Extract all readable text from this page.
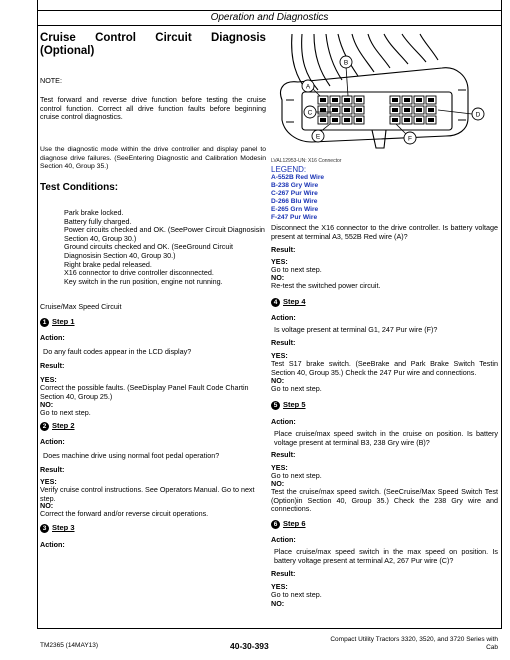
Operation and Diagnostics
Cruise Control Circuit Diagnosis
(Optional)
NOTE:
Test forward and reverse drive function before testing the cruise control function. Correct all drive function faults before beginning cruise control diagnostics.
Use the diagnostic mode within the drive controller and display panel to diagnose drive failures. (SeeEntering Diagnostic and Calibration Modesin Section 40, Group 35.)
Test Conditions:
Park brake locked.
Battery fully charged.
Power circuits checked and OK. (SeePower Circuit Diagnosisin Section 40, Group 30.)
Ground circuits checked and OK. (SeeGround Circuit Diagnosisin Section 40, Group 30.)
Right brake pedal released.
X16 connector to drive controller disconnected.
Key switch in the run position, engine not running.
Cruise/Max Speed Circuit
1 Step 1
Action:
Do any fault codes appear in the LCD display?
Result:
YES:
Correct the possible faults. (SeeDisplay Panel Fault Code Chartin Section 40, Group 25.)
NO:
Go to next step.
2 Step 2
Action:
Does machine drive using normal foot pedal operation?
Result:
YES:
Verify cruise control instructions. See Operators Manual. Go to next step.
NO:
Correct the forward and/or reverse circuit operations.
3 Step 3
Action:
A
B
C	D
E	F
LVAL12953-UN: X16 Connector
LEGEND:
A-552B Red Wire
B-238 Gry Wire
C-267 Pur Wire
D-266 Blu Wire
E-265 Grn Wire
F-247 Pur Wire
Disconnect the X16 connector to the drive controller. Is battery voltage present at terminal A3, 552B Red wire (A)?
Result:
YES:
Go to next step.
NO:
Re-test the switched power circuit.
4 Step 4
Action:
Is voltage present at terminal G1, 247 Pur wire (F)?
Result:
YES:
Test S17 brake switch. (SeeBrake and Park Brake Switch Testin Section 40, Group 35.) Check the 247 Pur wire and connections.
NO:
Go to next step.
5 Step 5
Action:
Place cruise/max speed switch in the cruise on position. Is battery voltage present at terminal B3, 238 Gry wire (B)?
Result:
YES:
Go to next step.
NO:
Test the cruise/max speed switch. (SeeCruise/Max Speed Switch Test (Option)in Section 40, Group 35.) Check the 238 Gry wire and connections.
6 Step 6
Action:
Place cruise/max speed switch in the max speed on position. Is battery voltage present at terminal A2, 267 Pur wire (C)?
Result:
YES:
Go to next step.
NO:
TM2365 (14MAY13)	40-30-393
Compact Utility Tractors 3320, 3520, and 3720 Series with
Cab
